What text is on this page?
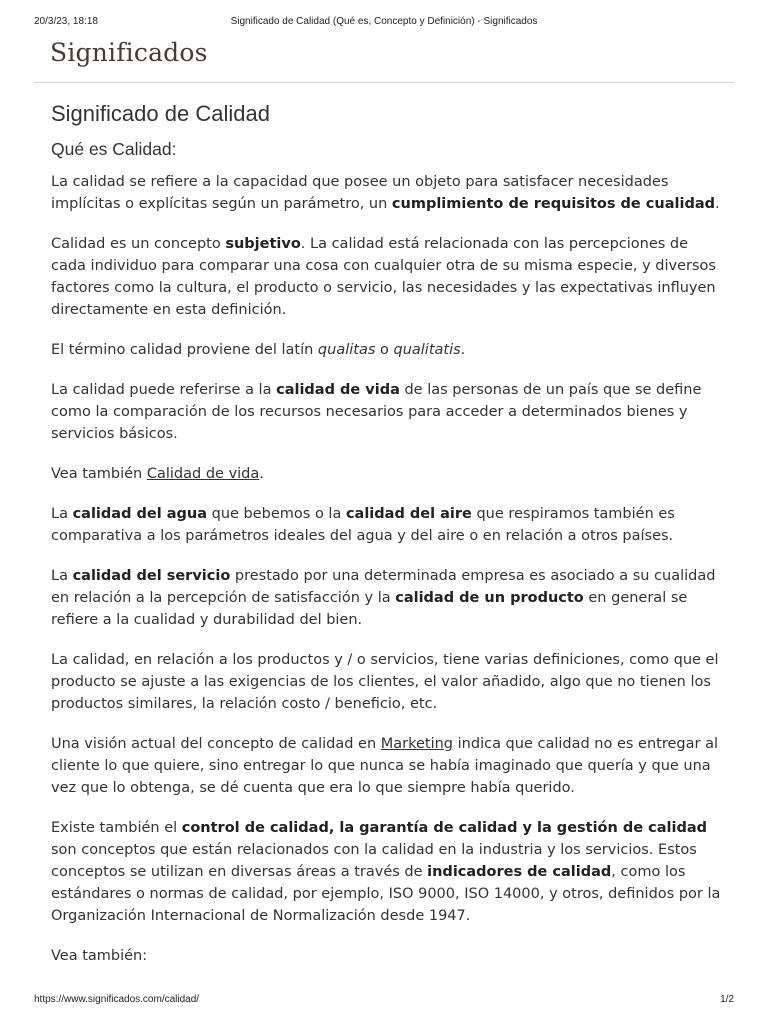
20/3/23, 18:18	Significado de Calidad (Qué es, Concepto y Definición) - Significados
Significados
Significado de Calidad
Qué es Calidad:

La calidad se refiere a la capacidad que posee un objeto para satisfacer necesidades implícitas o explícitas según un parámetro, un cumplimiento de requisitos de cualidad.

Calidad es un concepto subjetivo. La calidad está relacionada con las percepciones de cada individuo para comparar una cosa con cualquier otra de su misma especie, y diversos factores como la cultura, el producto o servicio, las necesidades y las expectativas influyen directamente en esta definición.

El término calidad proviene del latín qualitas o qualitatis.

La calidad puede referirse a la calidad de vida de las personas de un país que se define como la comparación de los recursos necesarios para acceder a determinados bienes y servicios básicos.

Vea también Calidad de vida.

La calidad del agua que bebemos o la calidad del aire que respiramos también es comparativa a los parámetros ideales del agua y del aire o en relación a otros países.

La calidad del servicio prestado por una determinada empresa es asociado a su cualidad en relación a la percepción de satisfacción y la calidad de un producto en general se refiere a la cualidad y durabilidad del bien.

La calidad, en relación a los productos y / o servicios, tiene varias definiciones, como que el producto se ajuste a las exigencias de los clientes, el valor añadido, algo que no tienen los productos similares, la relación costo / beneficio, etc.

Una visión actual del concepto de calidad en Marketing indica que calidad no es entregar al cliente lo que quiere, sino entregar lo que nunca se había imaginado que quería y que una vez que lo obtenga, se dé cuenta que era lo que siempre había querido.

Existe también el control de calidad, la garantía de calidad y la gestión de calidad son conceptos que están relacionados con la calidad en la industria y los servicios. Estos conceptos se utilizan en diversas áreas a través de indicadores de calidad, como los estándares o normas de calidad, por ejemplo, ISO 9000, ISO 14000, y otros, definidos por la Organización Internacional de Normalización desde 1947.

Vea también:

https://www.significados.com/calidad/	1/2
